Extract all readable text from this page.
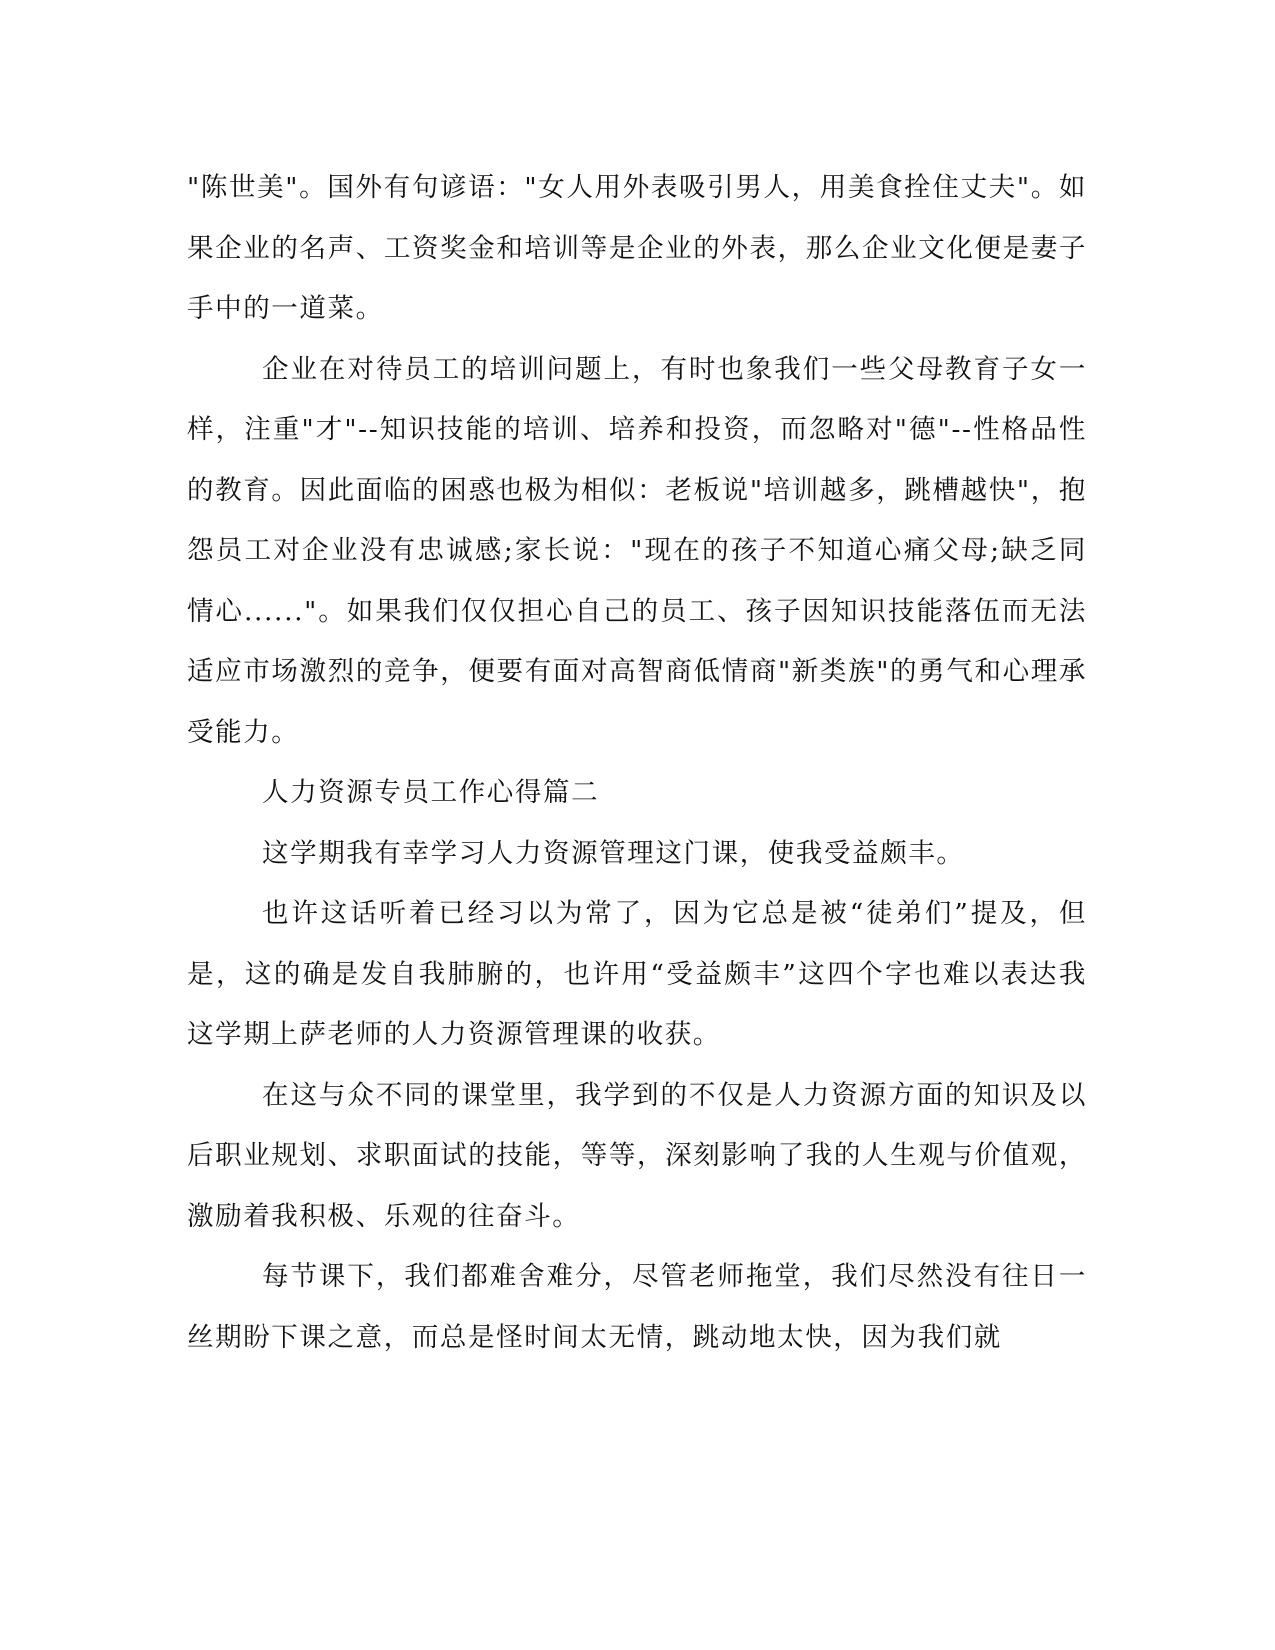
"陈世美"。国外有句谚语："女人用外表吸引男人，用美食拴住丈夫"。如果企业的名声、工资奖金和培训等是企业的外表，那么企业文化便是妻子手中的一道菜。

企业在对待员工的培训问题上，有时也象我们一些父母教育子女一样，注重"才"--知识技能的培训、培养和投资，而忽略对"德"--性格品性的教育。因此面临的困惑也极为相似：老板说"培训越多，跳槽越快"，抱怨员工对企业没有忠诚感;家长说："现在的孩子不知道心痛父母;缺乏同情心......"。如果我们仅仅担心自己的员工、孩子因知识技能落伍而无法适应市场激烈的竞争，便要有面对高智商低情商"新类族"的勇气和心理承受能力。

人力资源专员工作心得篇二

这学期我有幸学习人力资源管理这门课，使我受益颇丰。

也许这话听着已经习以为常了，因为它总是被“徒弟们”提及，但是，这的确是发自我肺腑的，也许用“受益颇丰”这四个字也难以表达我这学期上萨老师的人力资源管理课的收获。

在这与众不同的课堂里，我学到的不仅是人力资源方面的知识及以后职业规划、求职面试的技能，等等，深刻影响了我的人生观与价值观，激励着我积极、乐观的往奋斗。

每节课下，我们都难舍难分，尽管老师拖堂，我们尽然没有往日一丝期盼下课之意，而总是怪时间太无情，跳动地太快，因为我们就
